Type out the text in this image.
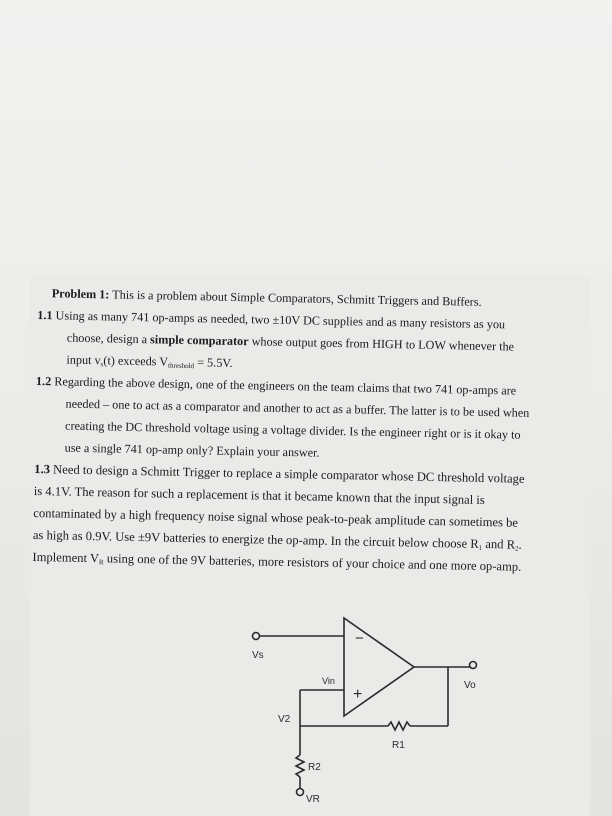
Problem 1: This is a problem about Simple Comparators, Schmitt Triggers and Buffers.

1.1 Using as many 741 op-amps as needed, two ±10V DC supplies and as many resistors as you
choose, design a simple comparator whose output goes from HIGH to LOW whenever the
input $v_s(t)$ exceeds $V_{threshold} = 5.5V$.
1.2 Regarding the above design, one of the engineers on the team claims that two 741 op-amps are
needed – one to act as a comparator and another to act as a buffer. The latter is to be used when
creating the DC threshold voltage using a voltage divider. Is the engineer right or is it okay to
use a single 741 op-amp only? Explain your answer.
1.3 Need to design a Schmitt Trigger to replace a simple comparator whose DC threshold voltage
is 4.1V. The reason for such a replacement is that it became known that the input signal is
contaminated by a high frequency noise signal whose peak-to-peak amplitude can sometimes be
as high as 0.9V. Use ±9V batteries to energize the op-amp. In the circuit below choose $R_1$ and $R_2$.
Implement $V_R$ using one of the 9V batteries, more resistors of your choice and one more op-amp.
−
+
Vs
Vin	Vo
V2
R1
R2
VR
